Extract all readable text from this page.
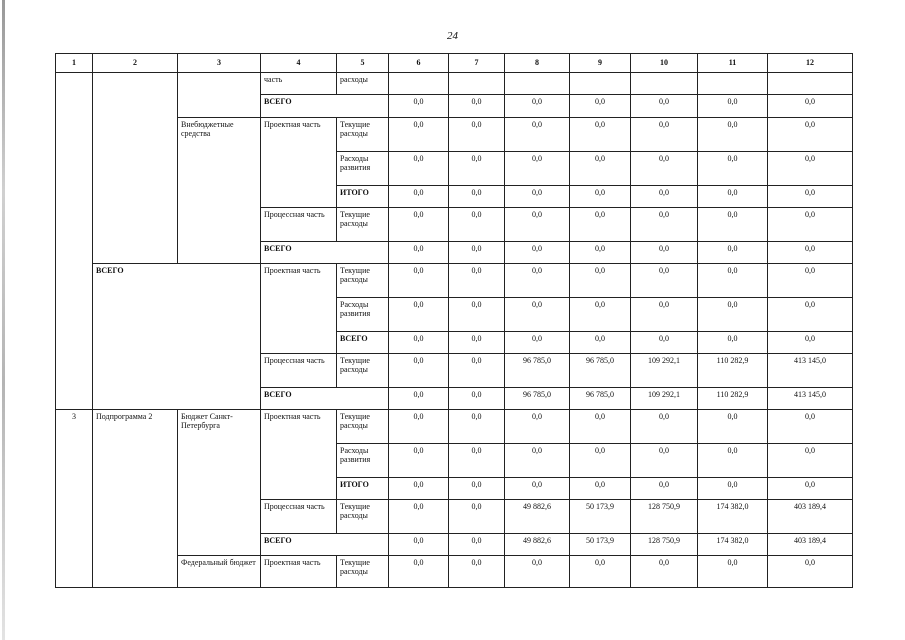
24
1	2	3	4	5	6	7	8	9	10	11	12
			часть	расходы							
			ВСЕГО		0,0	0,0	0,0	0,0	0,0	0,0	0,0
		Внебюджетные средства	Проектная часть	Текущие расходы	0,0	0,0	0,0	0,0	0,0	0,0	0,0
				Расходы развития	0,0	0,0	0,0	0,0	0,0	0,0	0,0
				ИТОГО	0,0	0,0	0,0	0,0	0,0	0,0	0,0
			Процессная часть	Текущие расходы	0,0	0,0	0,0	0,0	0,0	0,0	0,0
			ВСЕГО		0,0	0,0	0,0	0,0	0,0	0,0	0,0
	ВСЕГО		Проектная часть	Текущие расходы	0,0	0,0	0,0	0,0	0,0	0,0	0,0
				Расходы развития	0,0	0,0	0,0	0,0	0,0	0,0	0,0
				ВСЕГО	0,0	0,0	0,0	0,0	0,0	0,0	0,0
			Процессная часть	Текущие расходы	0,0	0,0	96 785,0	96 785,0	109 292,1	110 282,9	413 145,0
			ВСЕГО		0,0	0,0	96 785,0	96 785,0	109 292,1	110 282,9	413 145,0
3	Подпрограмма 2	Бюджет Санкт-Петербурга	Проектная часть	Текущие расходы	0,0	0,0	0,0	0,0	0,0	0,0	0,0
				Расходы развития	0,0	0,0	0,0	0,0	0,0	0,0	0,0
				ИТОГО	0,0	0,0	0,0	0,0	0,0	0,0	0,0
			Процессная часть	Текущие расходы	0,0	0,0	49 882,6	50 173,9	128 750,9	174 382,0	403 189,4
			ВСЕГО		0,0	0,0	49 882,6	50 173,9	128 750,9	174 382,0	403 189,4
		Федеральный бюджет	Проектная часть	Текущие расходы	0,0	0,0	0,0	0,0	0,0	0,0	0,0
